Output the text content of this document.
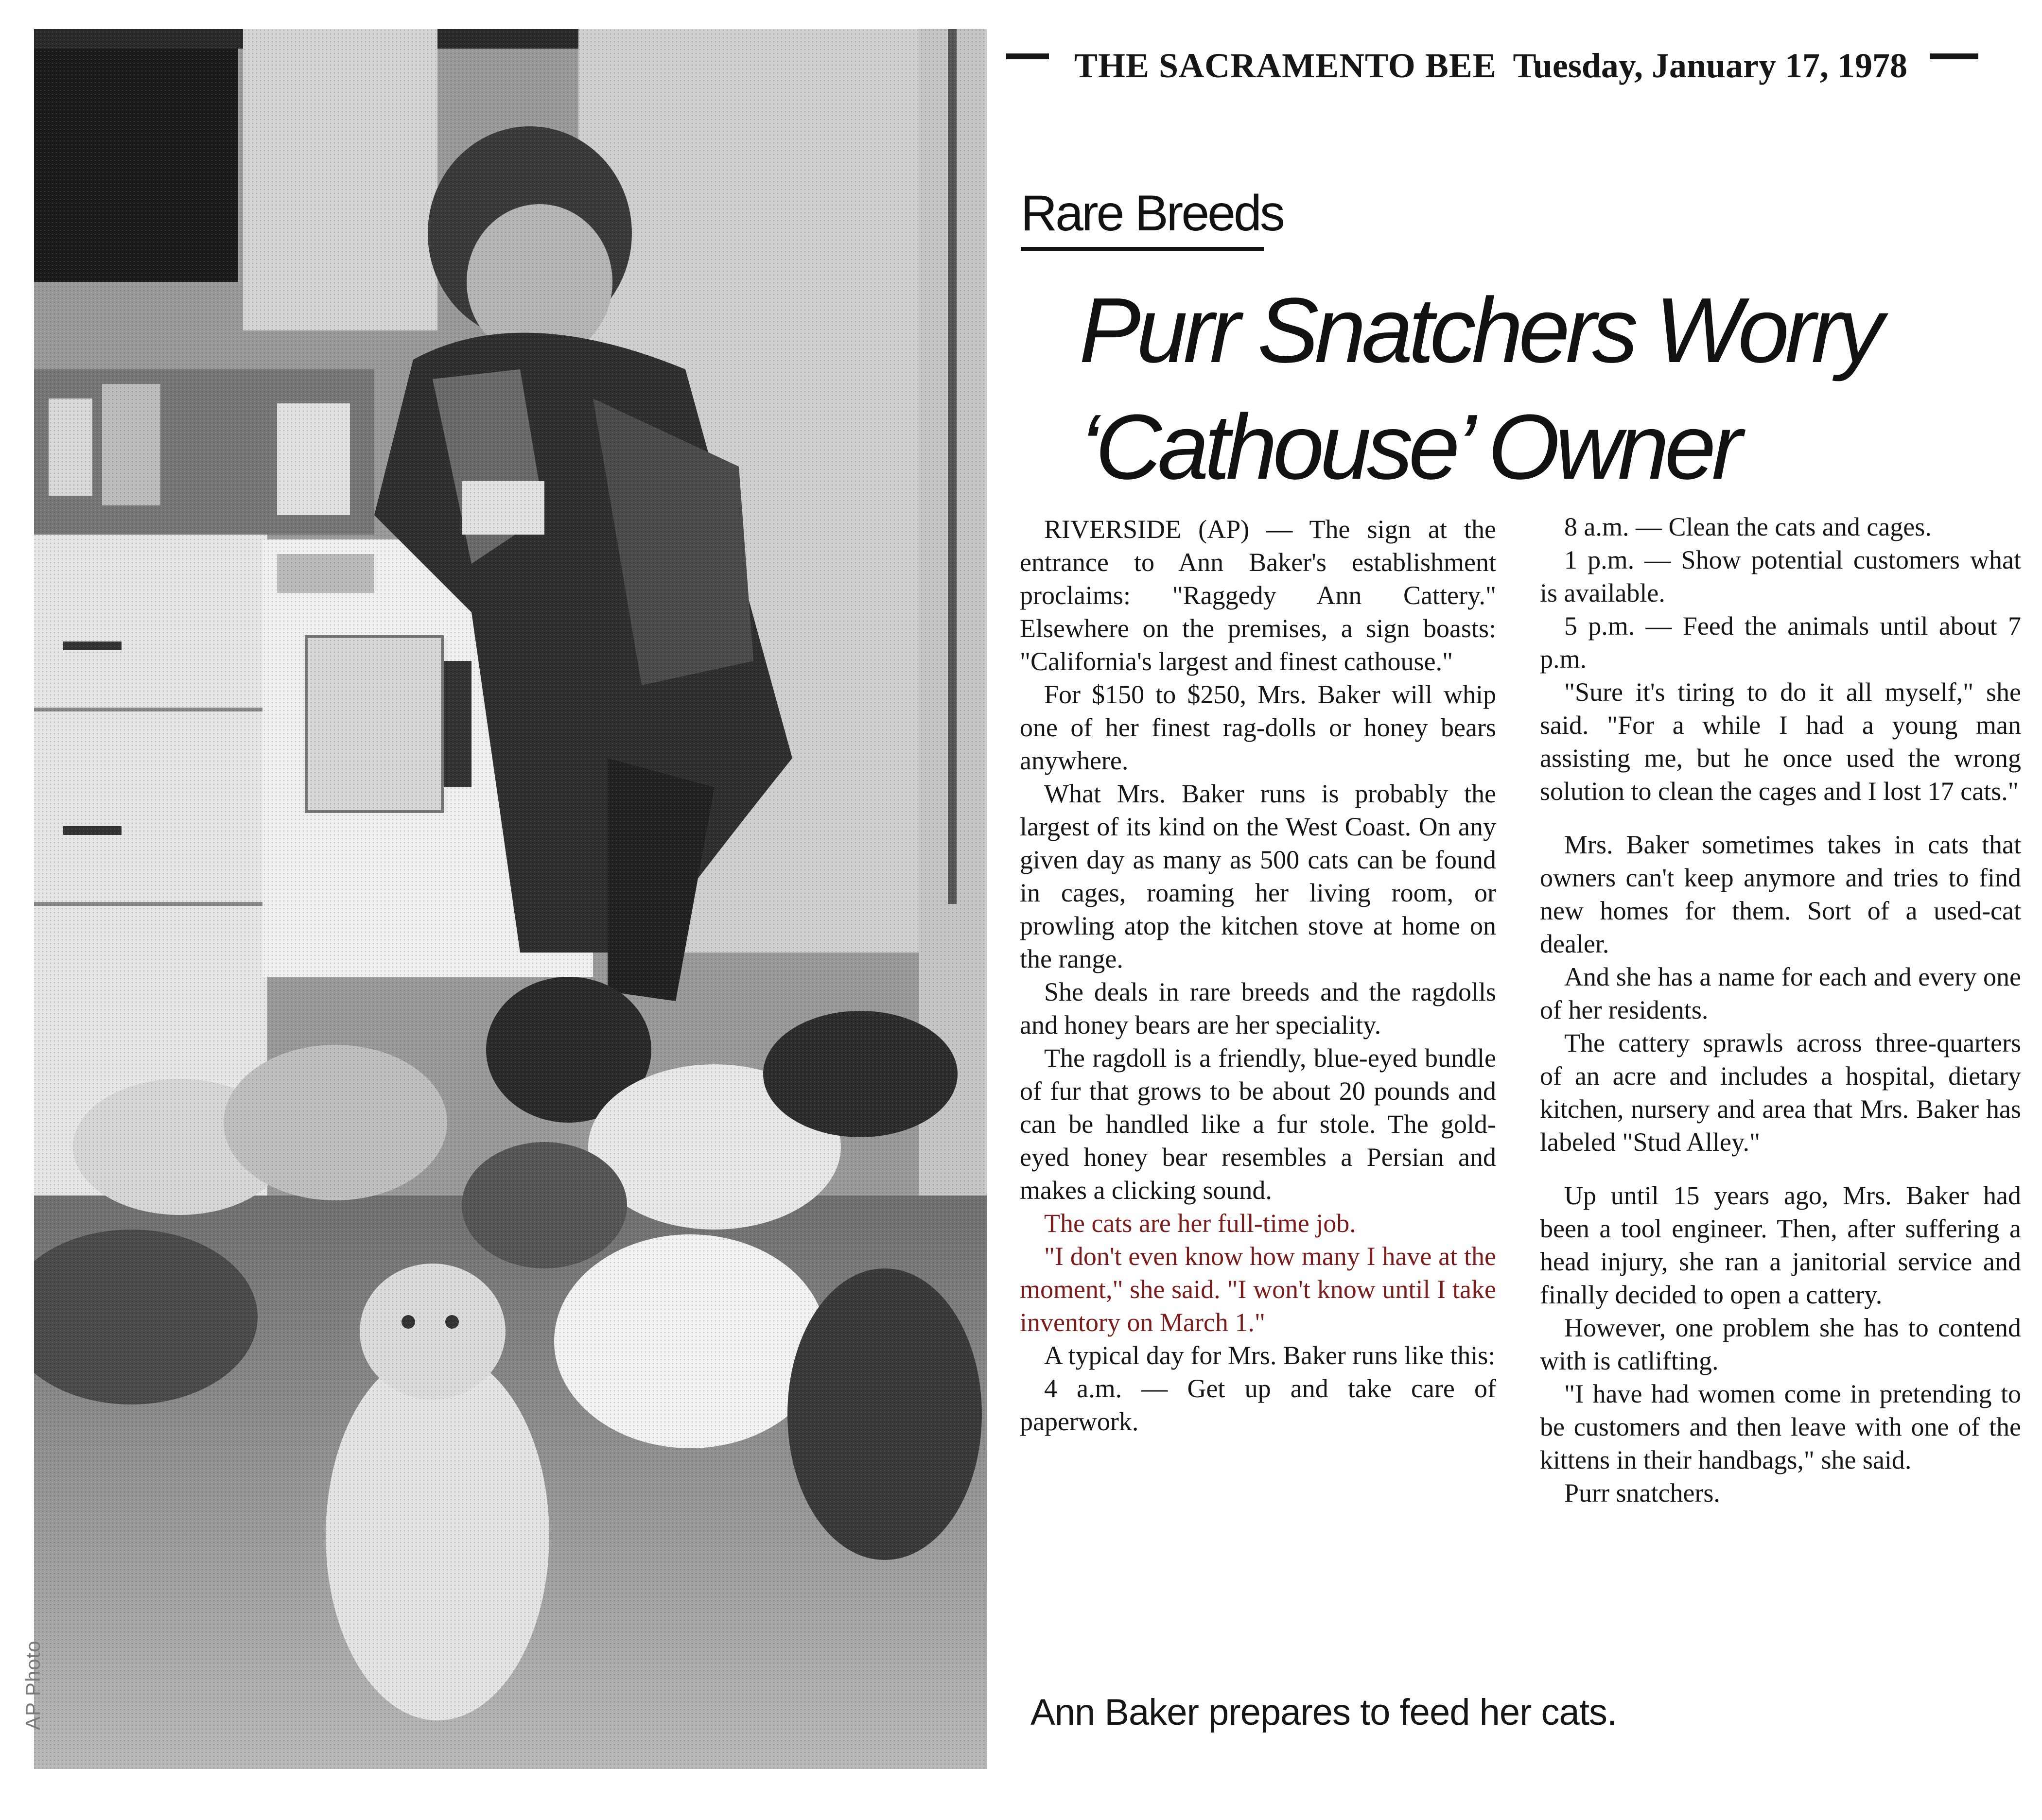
AP Photo
THE SACRAMENTO BEE Tuesday, January 17, 1978
Rare Breeds
Purr Snatchers Worry
‘Cathouse’ Owner

RIVERSIDE (AP) — The sign at the entrance to Ann Baker's establishment proclaims: "Raggedy Ann Cattery." Elsewhere on the premises, a sign boasts: "California's largest and finest cathouse."

For $150 to $250, Mrs. Baker will whip one of her finest rag-dolls or honey bears anywhere.

What Mrs. Baker runs is probably the largest of its kind on the West Coast. On any given day as many as 500 cats can be found in cages, roaming her living room, or prowling atop the kitchen stove at home on the range.

She deals in rare breeds and the ragdolls and honey bears are her speciality.

The ragdoll is a friendly, blue-eyed bundle of fur that grows to be about 20 pounds and can be handled like a fur stole. The gold-eyed honey bear resembles a Persian and makes a clicking sound.

The cats are her full-time job.

"I don't even know how many I have at the moment," she said. "I won't know until I take inventory on March 1."

A typical day for Mrs. Baker runs like this:

4 a.m. — Get up and take care of paperwork.

8 a.m. — Clean the cats and cages.

1 p.m. — Show potential customers what is available.

5 p.m. — Feed the animals until about 7 p.m.

"Sure it's tiring to do it all myself," she said. "For a while I had a young man assisting me, but he once used the wrong solution to clean the cages and I lost 17 cats."

Mrs. Baker sometimes takes in cats that owners can't keep anymore and tries to find new homes for them. Sort of a used-cat dealer.

And she has a name for each and every one of her residents.

The cattery sprawls across three-quarters of an acre and includes a hospital, dietary kitchen, nursery and area that Mrs. Baker has labeled "Stud Alley."

Up until 15 years ago, Mrs. Baker had been a tool engineer. Then, after suffering a head injury, she ran a janitorial service and finally decided to open a cattery.

However, one problem she has to contend with is catlifting.

"I have had women come in pretending to be customers and then leave with one of the kittens in their handbags," she said.

Purr snatchers.

Ann Baker prepares to feed her cats.
